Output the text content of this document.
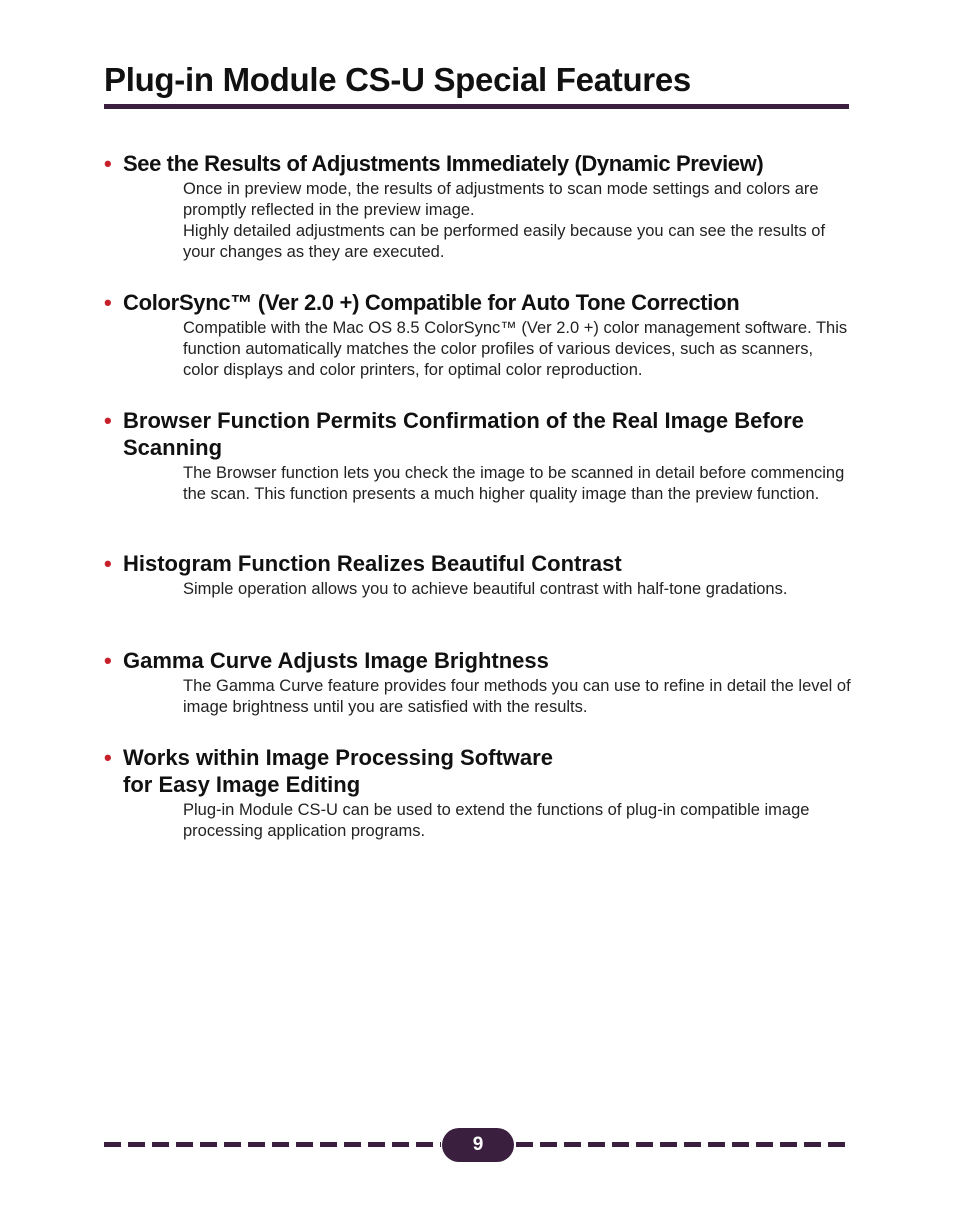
Plug-in Module CS-U Special Features
• See the Results of Adjustments Immediately (Dynamic Preview)

Once in preview mode, the results of adjustments to scan mode settings and colors are promptly reflected in the preview image.

Highly detailed adjustments can be performed easily because you can see the results of your changes as they are executed.

• ColorSync™ (Ver 2.0 +) Compatible for Auto Tone Correction

Compatible with the Mac OS 8.5 ColorSync™ (Ver 2.0 +) color management software. This function automatically matches the color profiles of various devices, such as scanners, color displays and color printers, for optimal color reproduction.

• Browser Function Permits Confirmation of the Real Image Before Scanning

The Browser function lets you check the image to be scanned in detail before commencing the scan. This function presents a much higher quality image than the preview function.

• Histogram Function Realizes Beautiful Contrast

Simple operation allows you to achieve beautiful contrast with half-tone gradations.

• Gamma Curve Adjusts Image Brightness

The Gamma Curve feature provides four methods you can use to refine in detail the level of image brightness until you are satisfied with the results.

• Works within Image Processing Software
for Easy Image Editing

Plug-in Module CS-U can be used to extend the functions of plug-in compatible image processing application programs.

9
